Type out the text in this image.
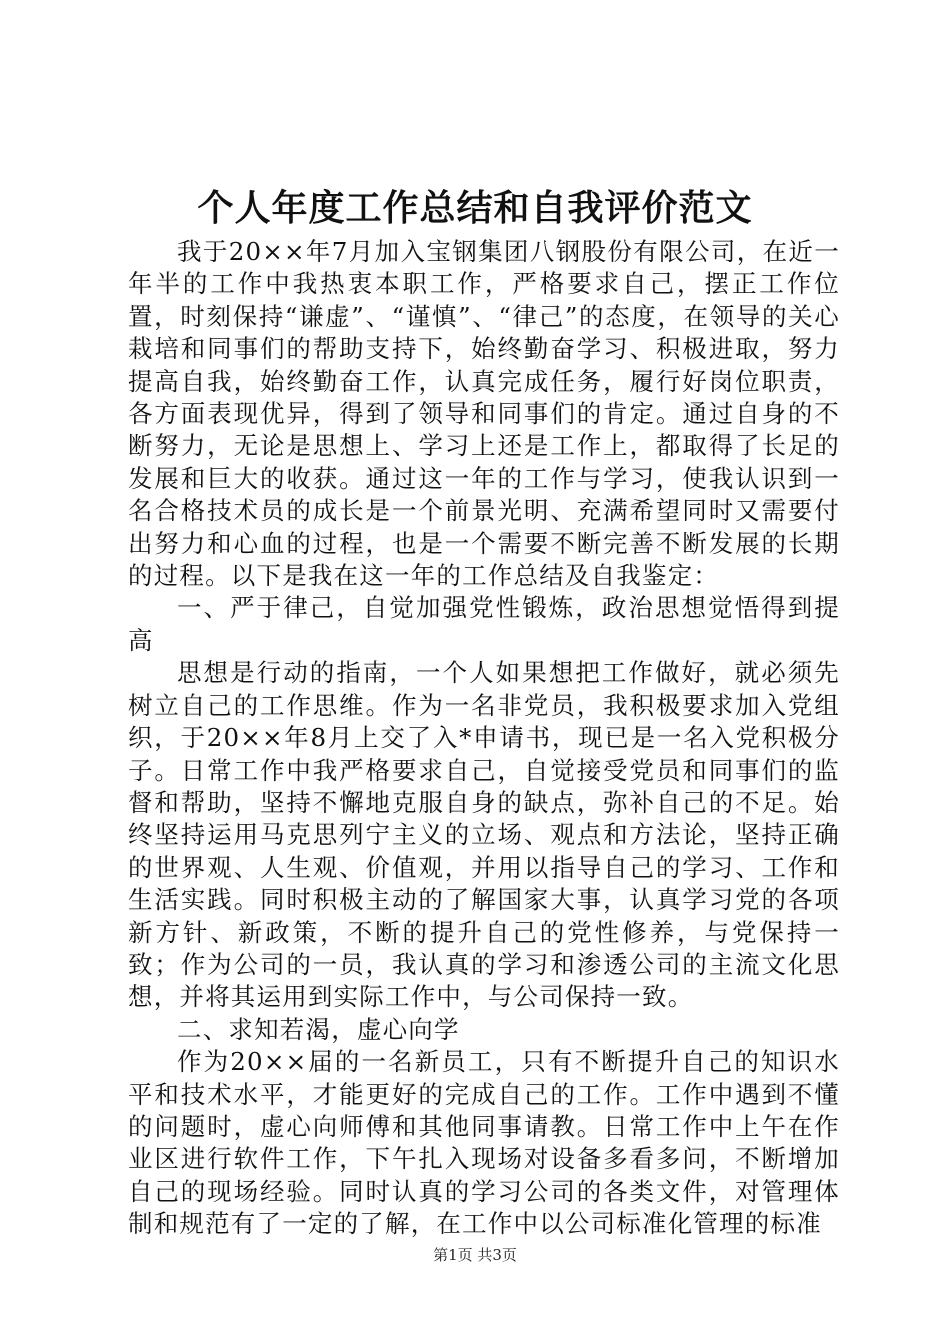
个人年度工作总结和自我评价范文

我于20××年7月加入宝钢集团八钢股份有限公司，在近一年半的工作中我热衷本职工作，严格要求自己，摆正工作位置，时刻保持“谦虚”、“谨慎”、“律己”的态度，在领导的关心栽培和同事们的帮助支持下，始终勤奋学习、积极进取，努力提高自我，始终勤奋工作，认真完成任务，履行好岗位职责，各方面表现优异，得到了领导和同事们的肯定。通过自身的不断努力，无论是思想上、学习上还是工作上，都取得了长足的发展和巨大的收获。通过这一年的工作与学习，使我认识到一名合格技术员的成长是一个前景光明、充满希望同时又需要付出努力和心血的过程，也是一个需要不断完善不断发展的长期的过程。以下是我在这一年的工作总结及自我鉴定：

一、严于律己，自觉加强党性锻炼，政治思想觉悟得到提高

思想是行动的指南，一个人如果想把工作做好，就必须先树立自己的工作思维。作为一名非党员，我积极要求加入党组织，于20××年8月上交了入*申请书，现已是一名入党积极分子。日常工作中我严格要求自己，自觉接受党员和同事们的监督和帮助，坚持不懈地克服自身的缺点，弥补自己的不足。始终坚持运用马克思列宁主义的立场、观点和方法论，坚持正确的世界观、人生观、价值观，并用以指导自己的学习、工作和生活实践。同时积极主动的了解国家大事，认真学习党的各项新方针、新政策，不断的提升自己的党性修养，与党保持一致；作为公司的一员，我认真的学习和渗透公司的主流文化思想，并将其运用到实际工作中，与公司保持一致。

二、求知若渴，虚心向学

作为20××届的一名新员工，只有不断提升自己的知识水平和技术水平，才能更好的完成自己的工作。工作中遇到不懂的问题时，虚心向师傅和其他同事请教。日常工作中上午在作业区进行软件工作，下午扎入现场对设备多看多问，不断增加自己的现场经验。同时认真的学习公司的各类文件，对管理体制和规范有了一定的了解，在工作中以公司标准化管理的标准

第1页 共3页
